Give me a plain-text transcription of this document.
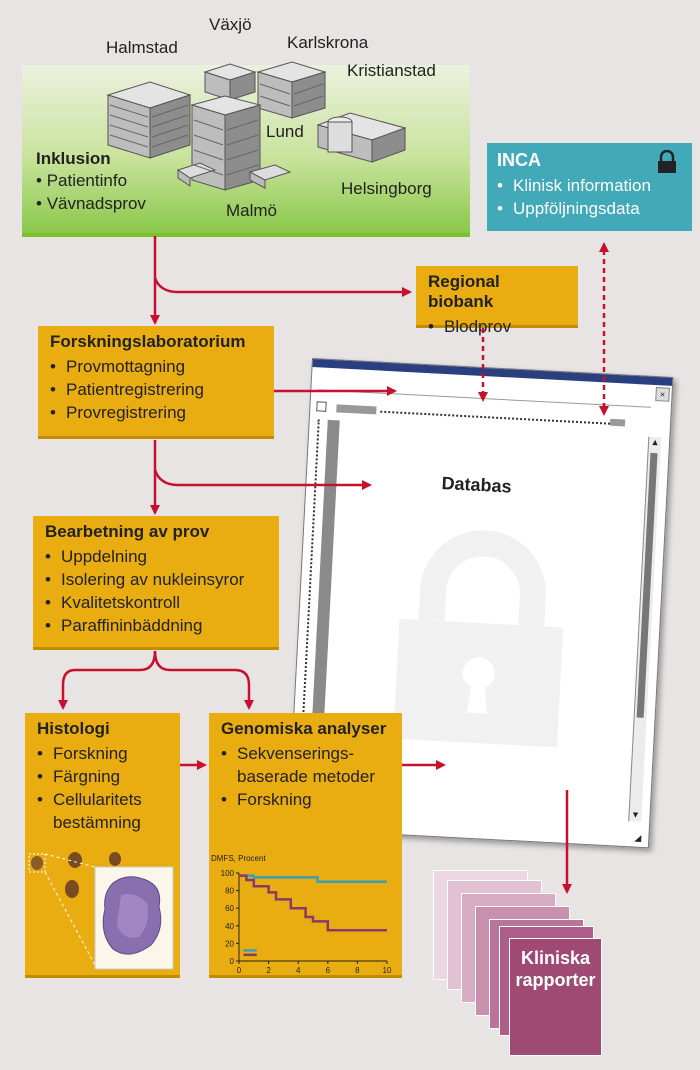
Halmstad
Växjö
Karlskrona
Kristianstad
Lund
Helsingborg
Malmö
Inklusion
• Patientinfo
• Vävnadsprov
INCA
• Klinisk information
• Uppföljningsdata
×
▲
▼
Databas
◢
Regional biobank
• Blodprov
Forskningslaboratorium
• Provmottagning
• Patientregistrering
• Provregistrering
Bearbetning av prov
• Uppdelning
• Isolering av nukleinsyror
• Kvalitetskontroll
• Paraffininbäddning
Histologi
• Forskning
• Färgning
• Cellularitets bestämning
Genomiska analyser
• Sekvenserings-baserade metoder
• Forskning
DMFS, Procent
0
20
40
60
80
100
0	2	4	6	8	10
Kliniska rapporter
